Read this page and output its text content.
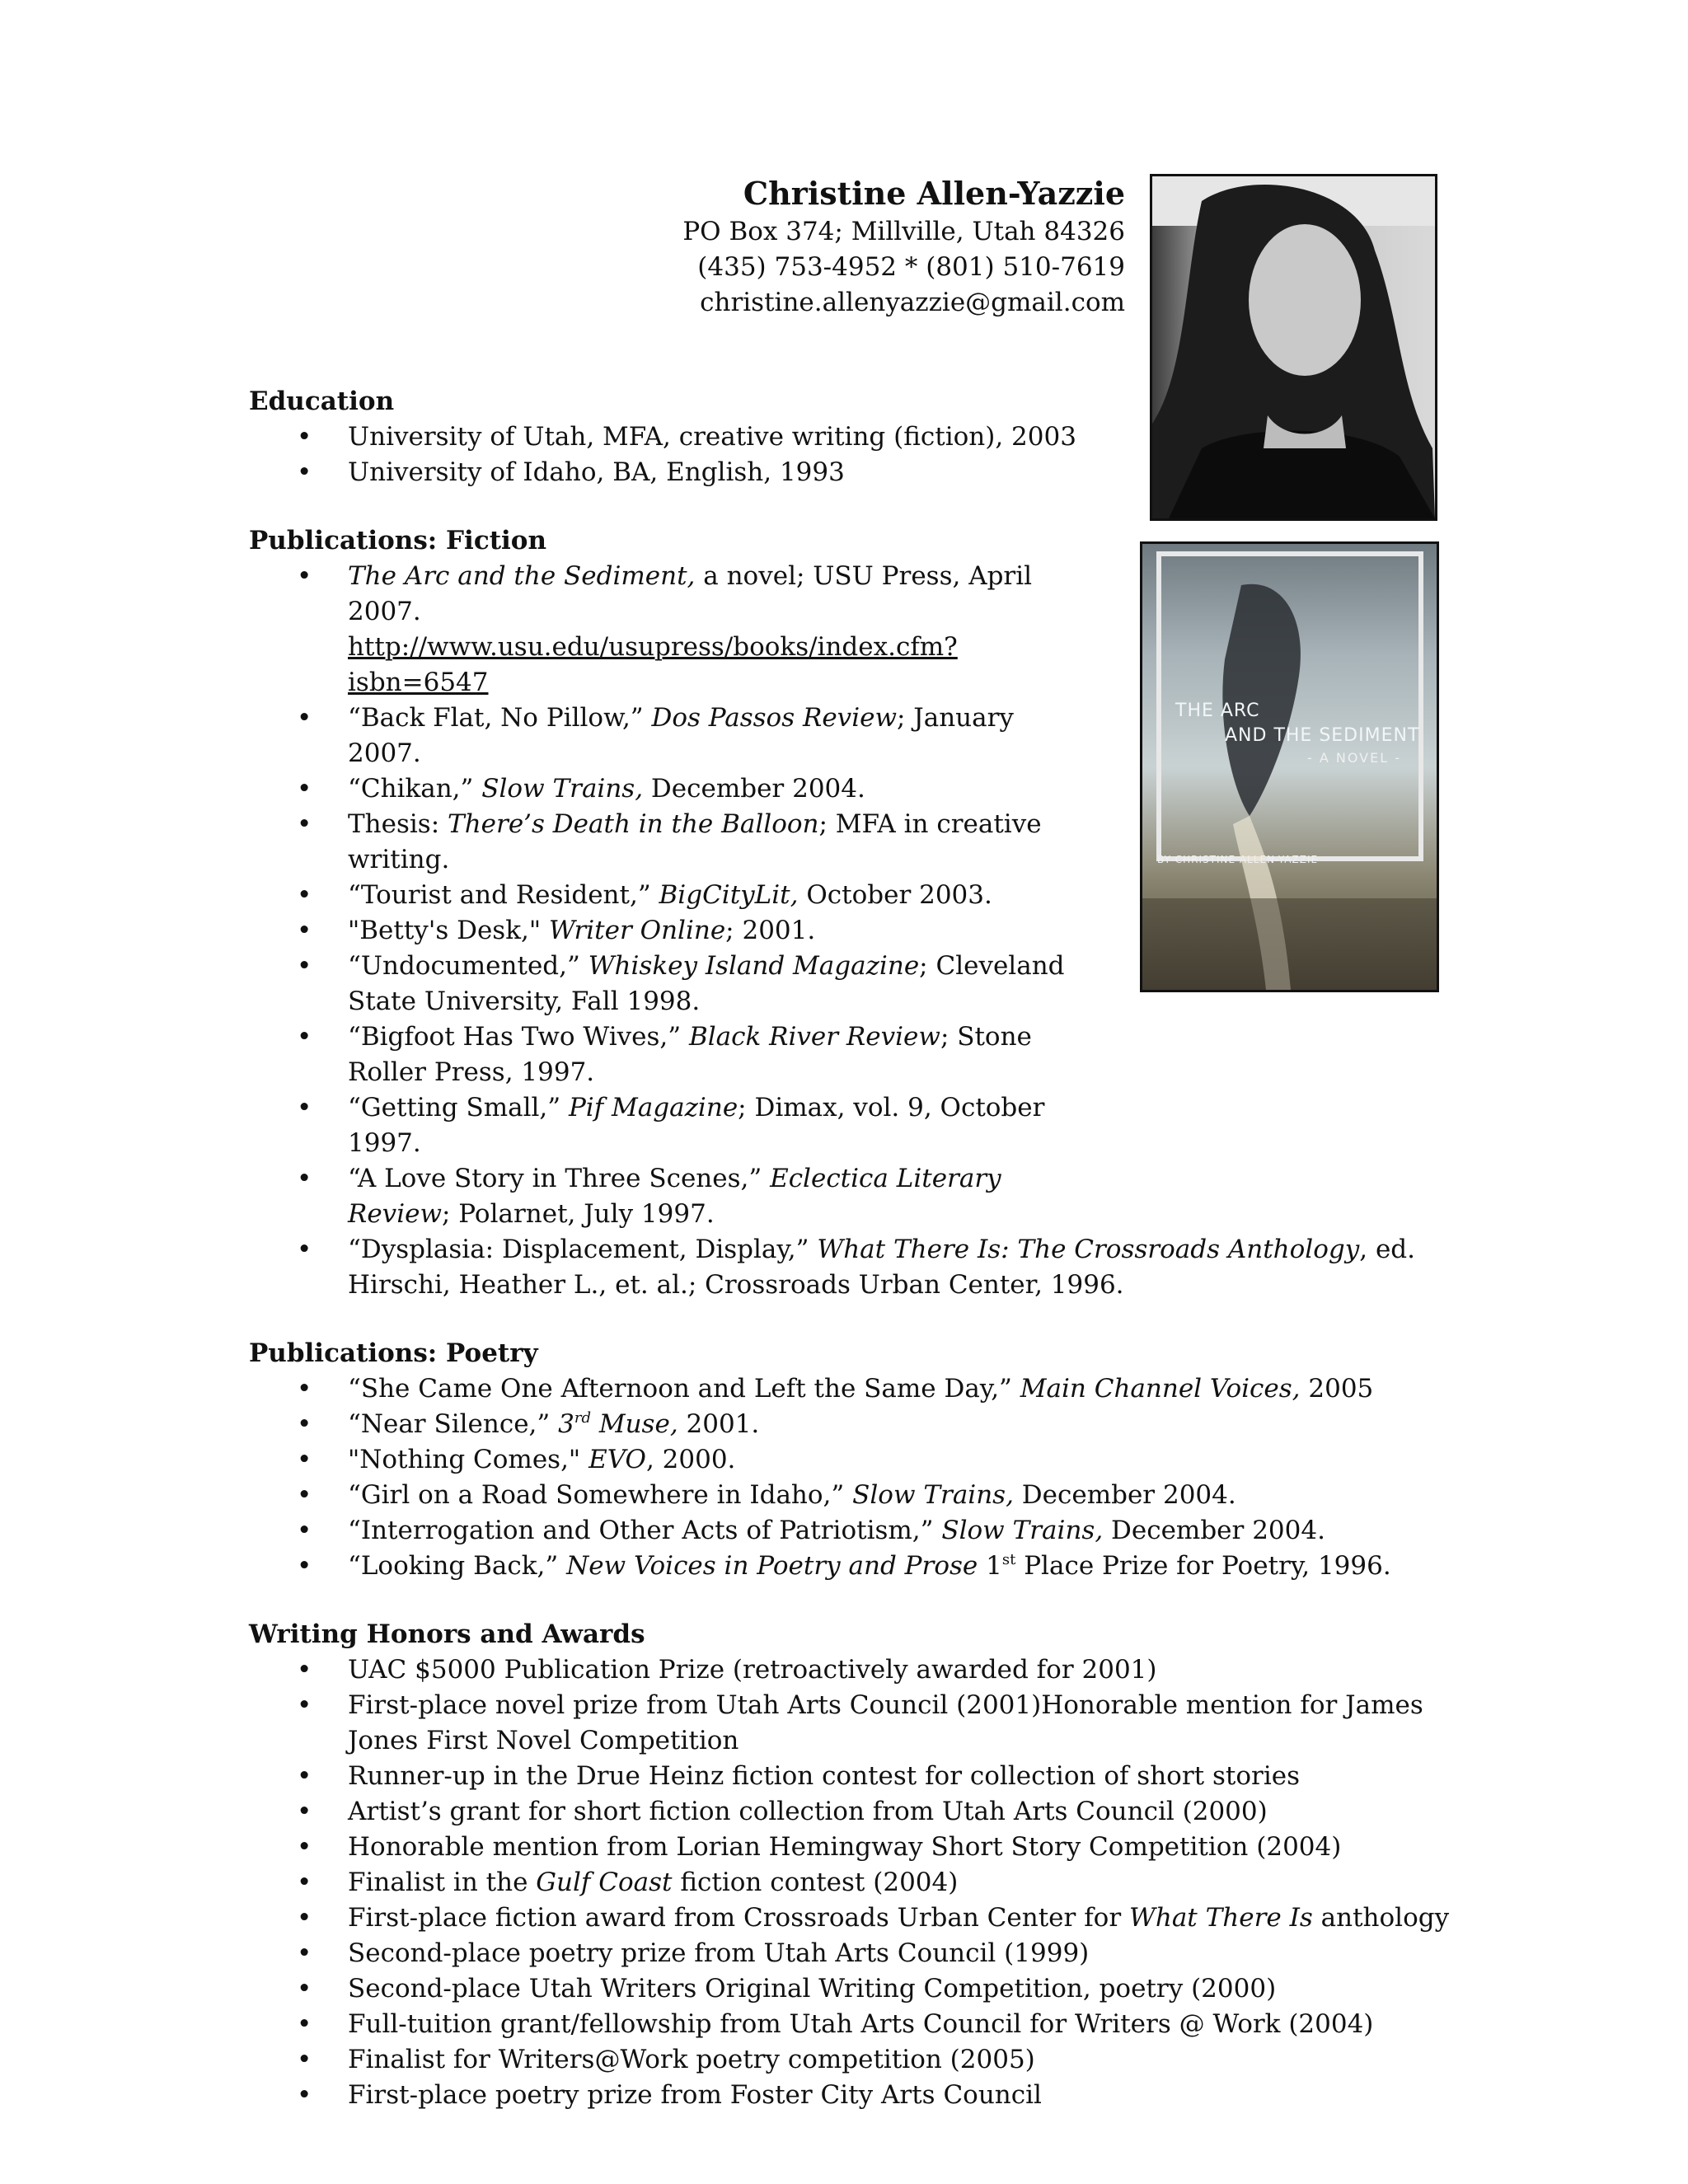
Christine Allen-Yazzie
PO Box 374; Millville, Utah 84326
(435) 753-4952 * (801) 510-7619
christine.allenyazzie@gmail.com
THE ARC
AND THE SEDIMENT
- A NOVEL -
BY CHRISTINE ALLEN-YAZZIE
Education
• University of Utah, MFA, creative writing (fiction), 2003
• University of Idaho, BA, English, 1993
Publications: Fiction
• The Arc and the Sediment, a novel; USU Press, April 2007.
http://www.usu.edu/usupress/books/index.cfm?isbn=6547
• “Back Flat, No Pillow,” Dos Passos Review; January 2007.
• “Chikan,” Slow Trains, December 2004.
• Thesis: There’s Death in the Balloon; MFA in creative writing.
• “Tourist and Resident,” BigCityLit, October 2003.
• "Betty's Desk," Writer Online; 2001.
• “Undocumented,” Whiskey Island Magazine; Cleveland State University, Fall 1998.
• “Bigfoot Has Two Wives,” Black River Review; Stone Roller Press, 1997.
• “Getting Small,” Pif Magazine; Dimax, vol. 9, October 1997.
• “A Love Story in Three Scenes,” Eclectica Literary Review; Polarnet, July 1997.
• “Dysplasia: Displacement, Display,” What There Is: The Crossroads Anthology, ed. Hirschi, Heather L., et. al.; Crossroads Urban Center, 1996.
Publications: Poetry
• “She Came One Afternoon and Left the Same Day,” Main Channel Voices, 2005
• “Near Silence,” 3rd Muse, 2001.
• "Nothing Comes," EVO, 2000.
• “Girl on a Road Somewhere in Idaho,” Slow Trains, December 2004.
• “Interrogation and Other Acts of Patriotism,” Slow Trains, December 2004.
• “Looking Back,” New Voices in Poetry and Prose 1st Place Prize for Poetry, 1996.
Writing Honors and Awards
• UAC $5000 Publication Prize (retroactively awarded for 2001)
• First-place novel prize from Utah Arts Council (2001)Honorable mention for James Jones First Novel Competition
• Runner-up in the Drue Heinz fiction contest for collection of short stories
• Artist’s grant for short fiction collection from Utah Arts Council (2000)
• Honorable mention from Lorian Hemingway Short Story Competition (2004)
• Finalist in the Gulf Coast fiction contest (2004)
• First-place fiction award from Crossroads Urban Center for What There Is anthology
• Second-place poetry prize from Utah Arts Council (1999)
• Second-place Utah Writers Original Writing Competition, poetry (2000)
• Full-tuition grant/fellowship from Utah Arts Council for Writers @ Work (2004)
• Finalist for Writers@Work poetry competition (2005)
• First-place poetry prize from Foster City Arts Council
